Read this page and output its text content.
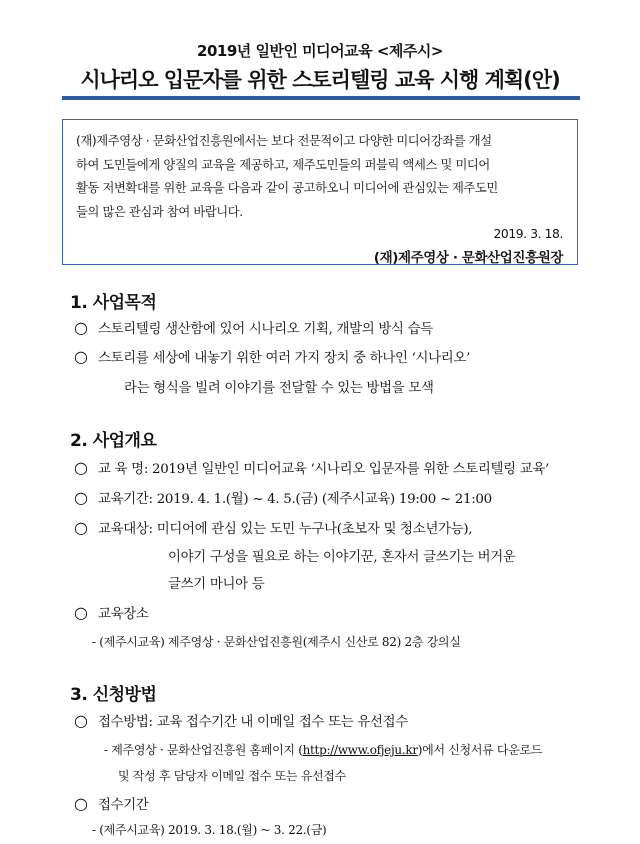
2019년 일반인 미디어교육 <제주시>
시나리오 입문자를 위한 스토리텔링 교육 시행 계획(안)
(재)제주영상 · 문화산업진흥원에서는 보다 전문적이고 다양한 미디어강좌를 개설
하여 도민들에게 양질의 교육을 제공하고, 제주도민들의 퍼블릭 액세스 및 미디어
활동 저변확대를 위한 교육을 다음과 같이 공고하오니 미디어에 관심있는 제주도민
들의 많은 관심과 참여 바랍니다.
2019. 3. 18.
(재)제주영상 · 문화산업진흥원장
1. 사업목적
○ 스토리텔링 생산함에 있어 시나리오 기획, 개발의 방식 습득
○ 스토리를 세상에 내놓기 위한 여러 가지 장치 중 하나인 ‘시나리오’
라는 형식을 빌려 이야기를 전달할 수 있는 방법을 모색
2. 사업개요
○ 교 육 명: 2019년 일반인 미디어교육 ‘시나리오 입문자를 위한 스토리텔링 교육’
○ 교육기간: 2019. 4. 1.(월) ~ 4. 5.(금) (제주시교육) 19:00 ~ 21:00
○ 교육대상: 미디어에 관심 있는 도민 누구나(초보자 및 청소년가능),
이야기 구성을 필요로 하는 이야기꾼, 혼자서 글쓰기는 버거운
글쓰기 마니아 등
○ 교육장소
- (제주시교육) 제주영상 · 문화산업진흥원(제주시 신산로 82) 2층 강의실
3. 신청방법
○ 접수방법: 교육 접수기간 내 이메일 접수 또는 유선접수
- 제주영상 · 문화산업진흥원 홈페이지 (http://www.ofjeju.kr)에서 신청서류 다운로드
및 작성 후 담당자 이메일 접수 또는 유선접수
○ 접수기간
- (제주시교육) 2019. 3. 18.(월) ~ 3. 22.(금)
